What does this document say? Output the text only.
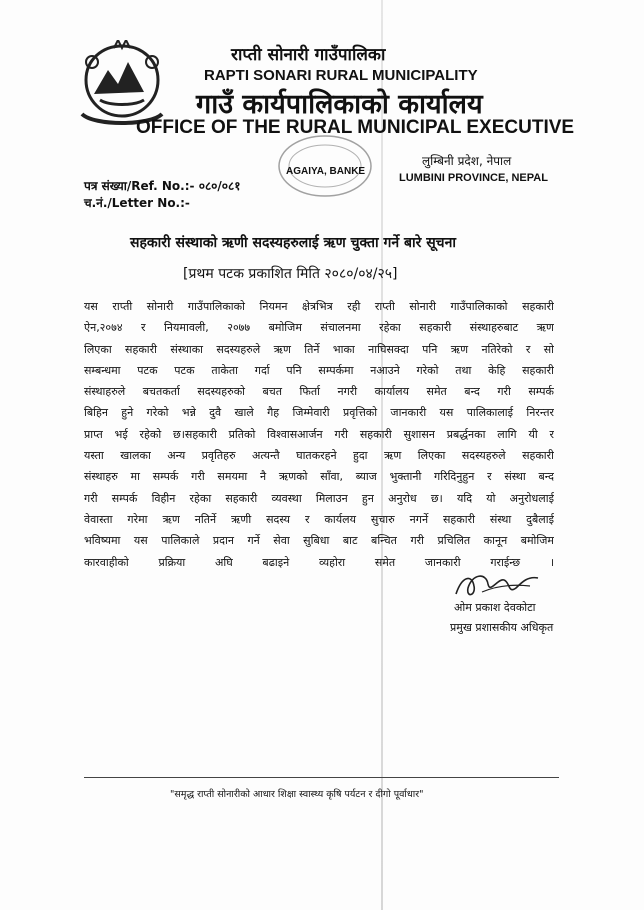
राप्ती सोनारी गाउँपालिका
RAPTI SONARI RURAL MUNICIPALITY
गाउँ कार्यपालिकाको कार्यालय
OFFICE OF THE RURAL MUNICIPAL EXECUTIVE
AGAIYA, BANKE
लुम्बिनी प्रदेश, नेपाल
LUMBINI PROVINCE, NEPAL
पत्र संख्या/Ref. No.:- ०८०/०८१
च.नं./Letter No.:-
सहकारी संस्थाको ऋणी सदस्यहरुलाई ऋण चुक्ता गर्ने बारे सूचना
[प्रथम पटक प्रकाशित मिति २०८०/०४/२५]
यस राप्ती सोनारी गाउँपालिकाको नियमन क्षेत्रभित्र रही राप्ती सोनारी गाउँपालिकाको सहकारी
ऐन,२०७४ र नियमावली, २०७७ बमोजिम संचालनमा रहेका सहकारी संस्थाहरुबाट ऋण
लिएका सहकारी संस्थाका सदस्यहरुले ऋण तिर्ने भाका नाघिसक्दा पनि ऋण नतिरेको र सो
सम्बन्धमा पटक पटक ताकेता गर्दा पनि सम्पर्कमा नआउने गरेको तथा केहि सहकारी
संस्थाहरुले बचतकर्ता सदस्यहरुको बचत फिर्ता नगरी कार्यालय समेत बन्द गरी सम्पर्क
बिहिन हुने गरेको भन्ने दुवै खाले गैह जिम्मेवारी प्रवृत्तिको जानकारी यस पालिकालाई निरन्तर
प्राप्त भई रहेको छ।सहकारी प्रतिको विश्वासआर्जन गरी सहकारी सुशासन प्रबर्द्धनका लागि यी र
यस्ता खालका अन्य प्रवृतिहरु अत्यन्तै घातकरहने हुदा ऋण लिएका सदस्यहरुले सहकारी
संस्थाहरु मा सम्पर्क गरी समयमा नै ऋणको साँवा, ब्याज भुक्तानी गरिदिनुहुन र संस्था बन्द
गरी सम्पर्क विहीन रहेका सहकारी व्यवस्था मिलाउन हुन अनुरोध छ। यदि यो अनुरोधलाई
वेवास्ता गरेमा ऋण नतिर्ने ऋणी सदस्य र कार्यलय सुचारु नगर्ने सहकारी संस्था दुबैलाई
भविष्यमा यस पालिकाले प्रदान गर्ने सेवा सुबिधा बाट बन्चित गरी प्रचिलित कानून बमोजिम
कारवाहीको प्रक्रिया अघि बढाइने व्यहोरा समेत जानकारी गराईन्छ ।
ओम प्रकाश देवकोटा
प्रमुख प्रशासकीय अधिकृत
"समृद्ध राप्ती सोनारीको आधार शिक्षा स्वास्थ्य कृषि पर्यटन र दीगो पूर्वाधार"
